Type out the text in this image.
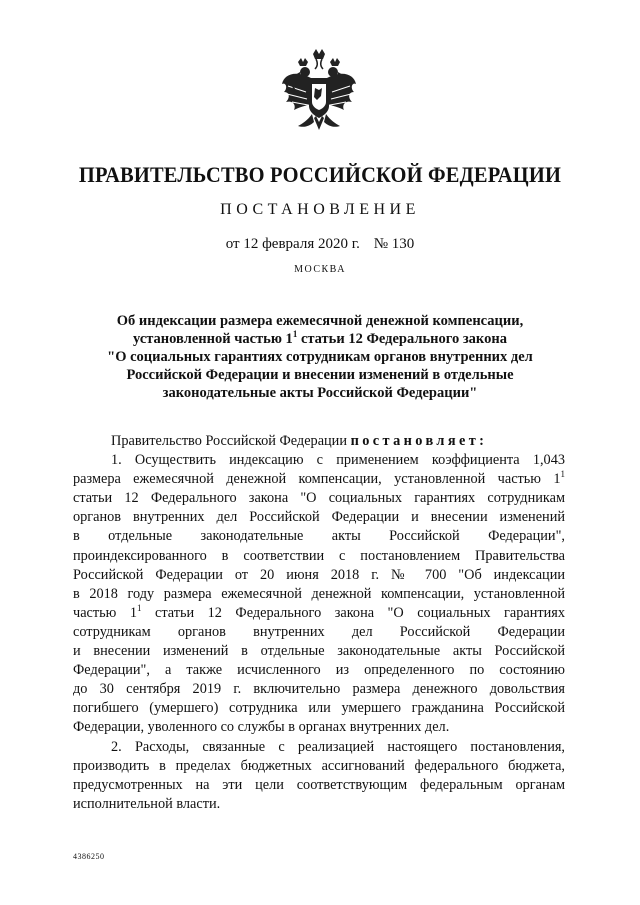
ПРАВИТЕЛЬСТВО РОССИЙСКОЙ ФЕДЕРАЦИИ
ПОСТАНОВЛЕНИЕ
от 12 февраля 2020 г. № 130
МОСКВА
Об индексации размера ежемесячной денежной компенсации,
установленной частью $1^1$ статьи 12 Федерального закона
"О социальных гарантиях сотрудникам органов внутренних дел
Российской Федерации и внесении изменений в отдельные
законодательные акты Российской Федерации"
Правительство Российской Федерации постановляет:
1. Осуществить индексацию с применением коэффициента 1,043
размера ежемесячной денежной компенсации, установленной частью $1^1$
статьи 12 Федерального закона "О социальных гарантиях сотрудникам
органов внутренних дел Российской Федерации и внесении изменений
в отдельные законодательные акты Российской Федерации",
проиндексированного в соответствии с постановлением Правительства
Российской Федерации от 20 июня 2018 г. № 700 "Об индексации
в 2018 году размера ежемесячной денежной компенсации, установленной
частью $1^1$ статьи 12 Федерального закона "О социальных гарантиях
сотрудникам органов внутренних дел Российской Федерации
и внесении изменений в отдельные законодательные акты Российской
Федерации", а также исчисленного из определенного по состоянию
до 30 сентября 2019 г. включительно размера денежного довольствия
погибшего (умершего) сотрудника или умершего гражданина Российской
Федерации, уволенного со службы в органах внутренних дел.
2. Расходы, связанные с реализацией настоящего постановления,
производить в пределах бюджетных ассигнований федерального бюджета,
предусмотренных на эти цели соответствующим федеральным органам
исполнительной власти.
4386250
